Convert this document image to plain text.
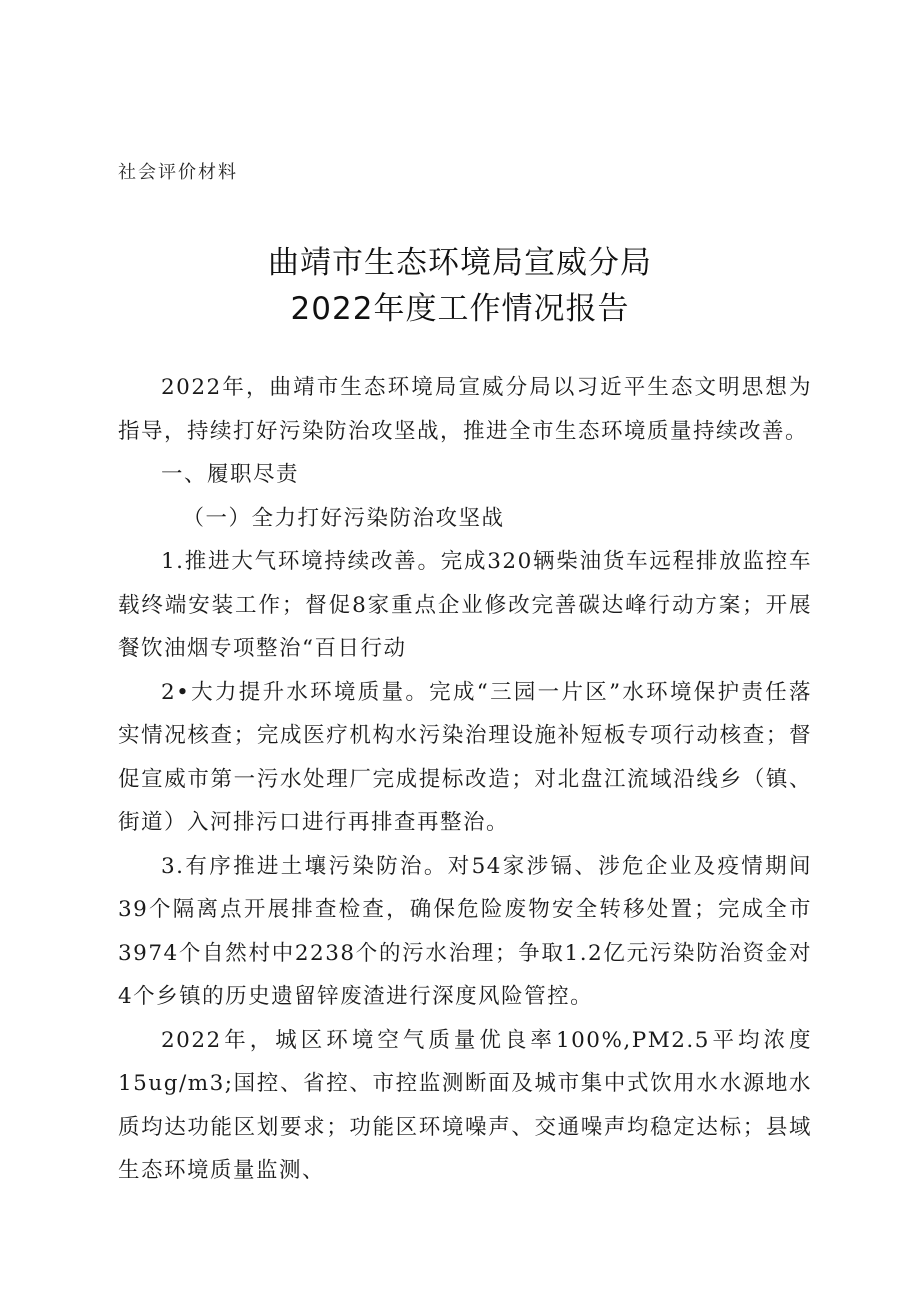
社会评价材料
曲靖市生态环境局宣威分局
2022年度工作情况报告

2022年，曲靖市生态环境局宣威分局以习近平生态文明思想为指导，持续打好污染防治攻坚战，推进全市生态环境质量持续改善。

一、履职尽责

（一）全力打好污染防治攻坚战

1.推进大气环境持续改善。完成320辆柴油货车远程排放监控车载终端安装工作；督促8家重点企业修改完善碳达峰行动方案；开展餐饮油烟专项整治“百日行动

2•大力提升水环境质量。完成“三园一片区”水环境保护责任落实情况核查；完成医疗机构水污染治理设施补短板专项行动核查；督促宣威市第一污水处理厂完成提标改造；对北盘江流域沿线乡（镇、街道）入河排污口进行再排查再整治。

3.有序推进土壤污染防治。对54家涉镉、涉危企业及疫情期间39个隔离点开展排查检查，确保危险废物安全转移处置；完成全市3974个自然村中2238个的污水治理；争取1.2亿元污染防治资金对4个乡镇的历史遗留锌废渣进行深度风险管控。

2022年，城区环境空气质量优良率100%,PM2.5平均浓度15ug/m3;国控、省控、市控监测断面及城市集中式饮用水水源地水质均达功能区划要求；功能区环境噪声、交通噪声均稳定达标；县域生态环境质量监测、
